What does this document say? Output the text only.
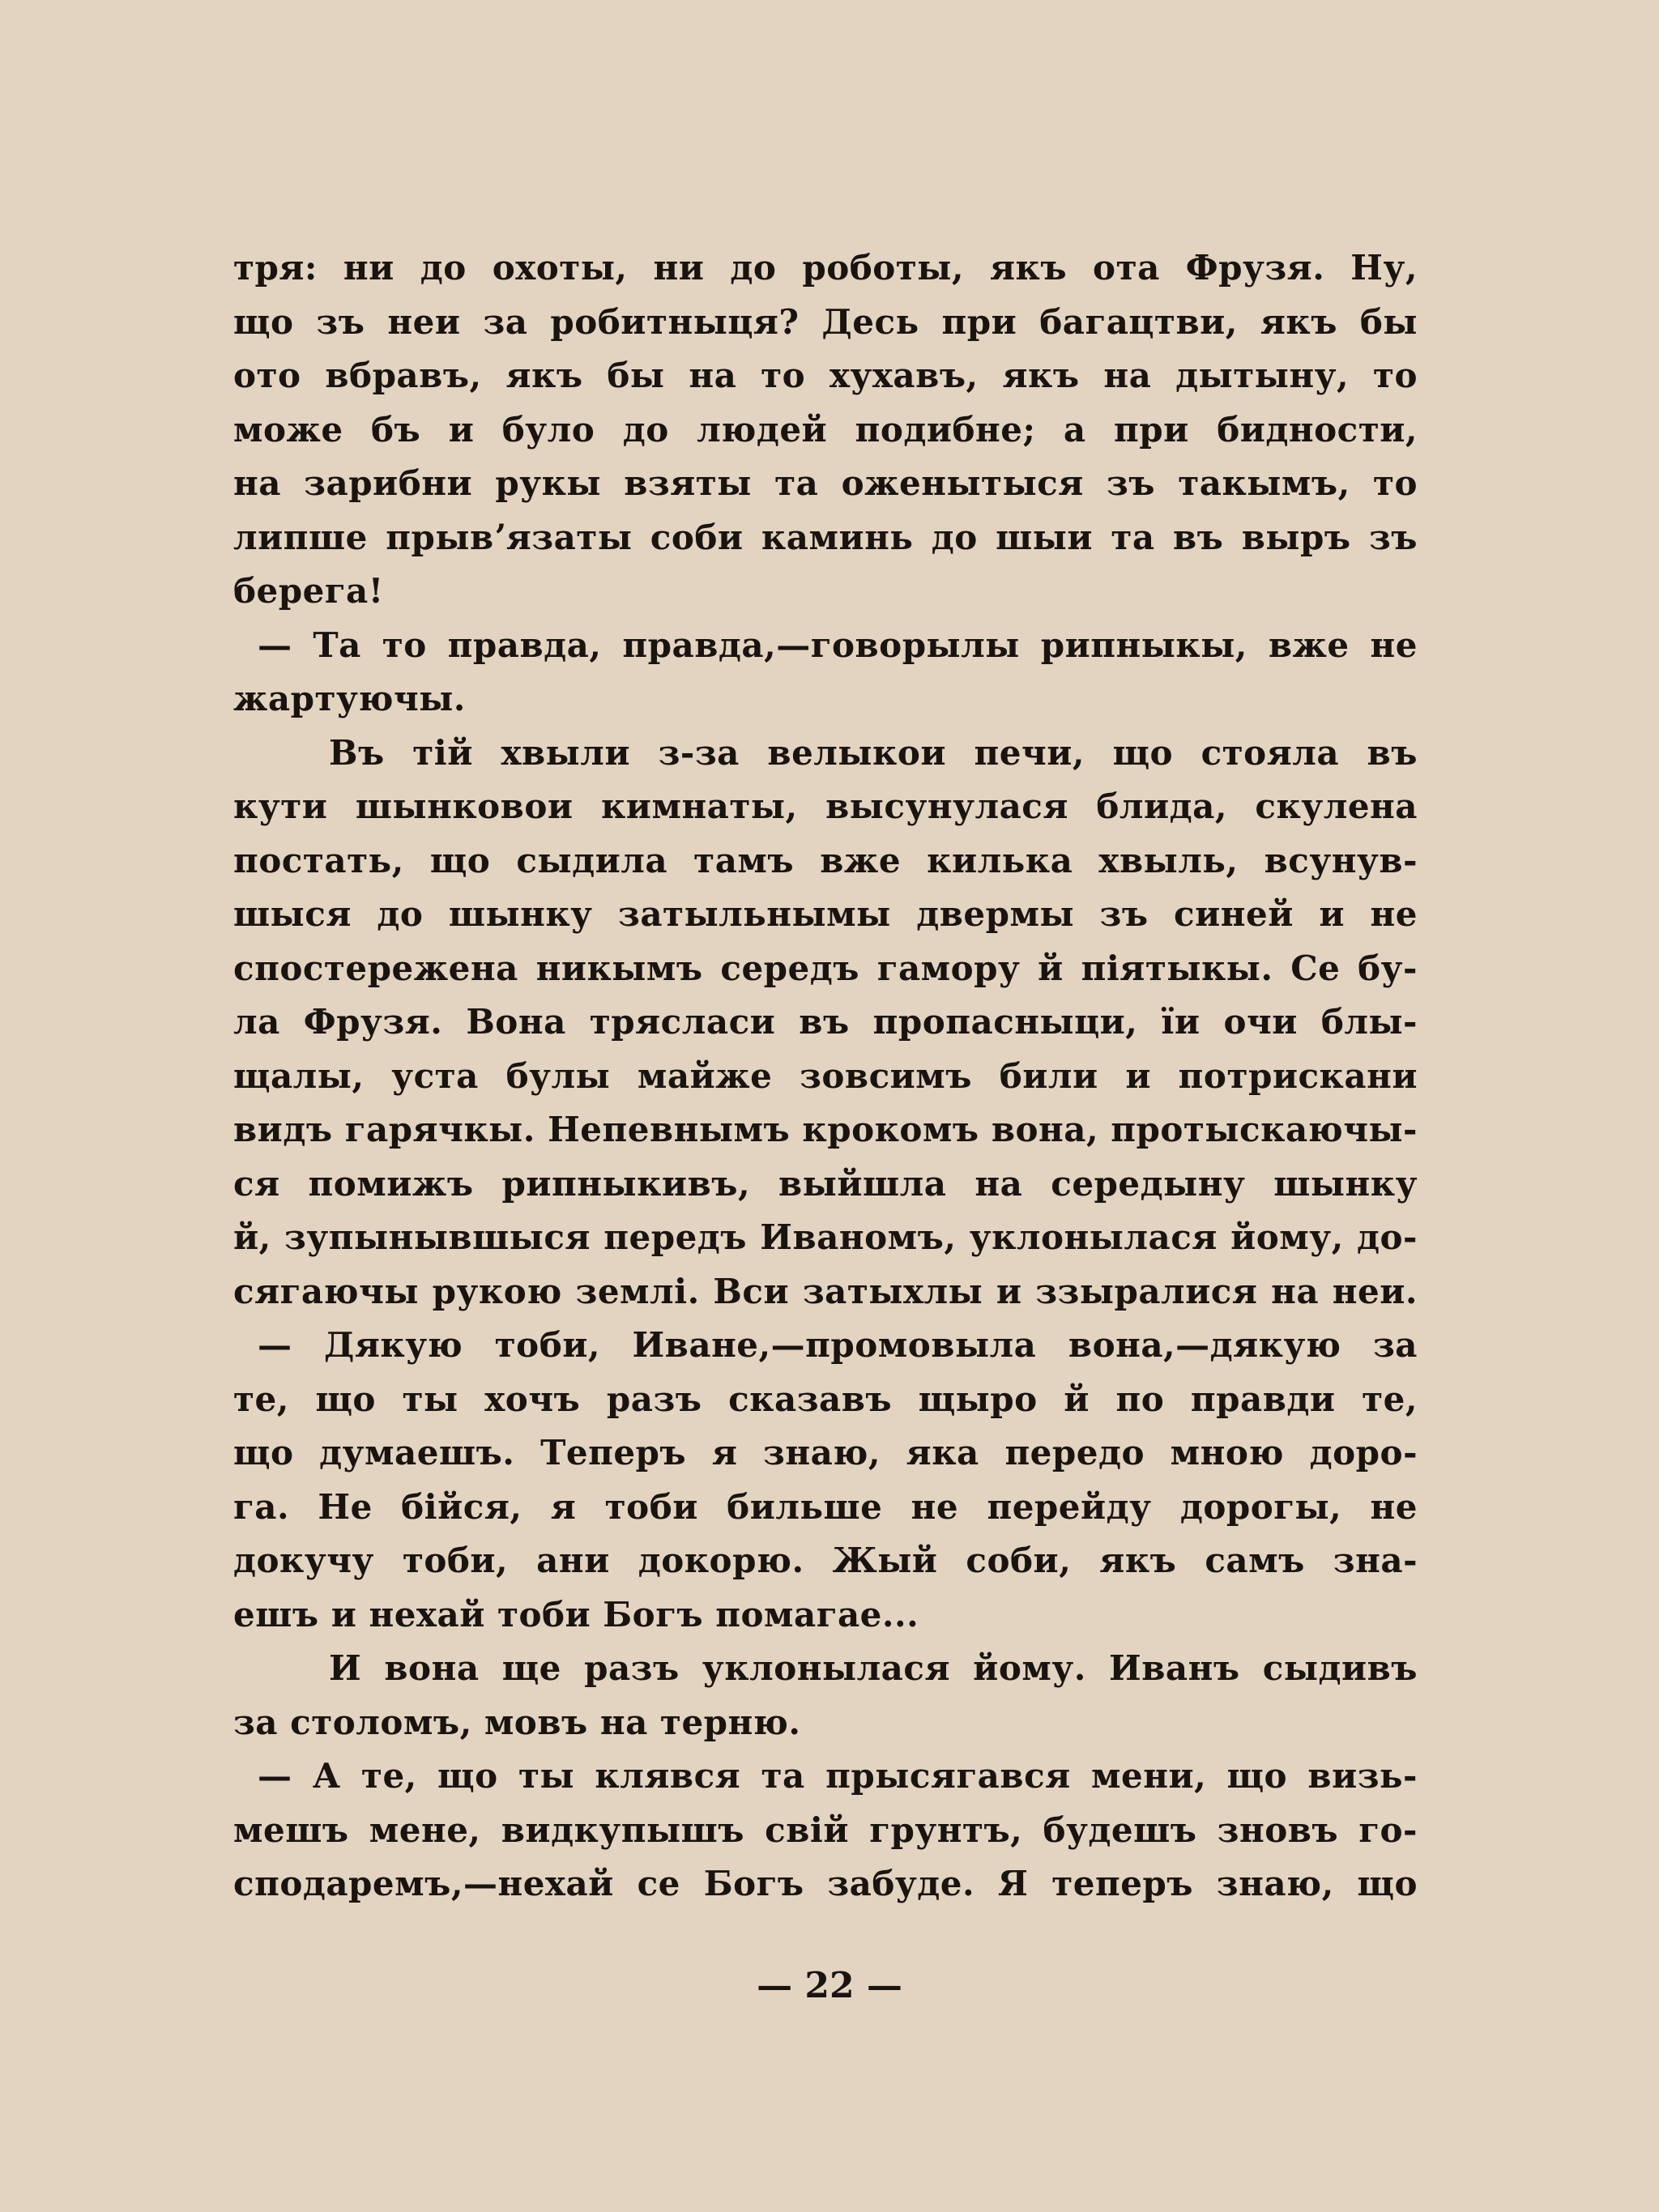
тря: ни до охоты, ни до роботы, якъ ота Фрузя. Ну,
що зъ неи за робитныця? Десь при багацтви, якъ бы
ото вбравъ, якъ бы на то хухавъ, якъ на дытыну, то
може бъ и було до людей подибне; а при бидности,
на зарибни рукы взяты та оженытыся зъ такымъ, то
липше прывʼязаты соби каминь до шыи та въ выръ зъ
берега!
— Та то правда, правда,—говорылы рипныкы, вже не
жартуючы.
Въ тій хвыли з-за велыкои печи, що стояла въ
кути шынковои кимнаты, высунулася блида, скулена
постать, що сыдила тамъ вже килька хвыль, всунув-
шыся до шынку затыльнымы двермы зъ синей и не
спостережена никымъ середъ гамору й пiятыкы. Се бу-
ла Фрузя. Вона трясласи въ пропасныци, ïи очи блы-
щалы, уста булы майже зовсимъ били и потрискани
видъ гарячкы. Непевнымъ крокомъ вона, протыскаючы-
ся помижъ рипныкивъ, выйшла на середыну шынку
й, зупынывшыся передъ Иваномъ, уклонылася йому, до-
сягаючы рукою землі. Вси затыхлы и ззыралися на неи.
— Дякую тоби, Иване,—промовыла вона,—дякую за
те, що ты хочъ разъ сказавъ щыро й по правди те,
що думаешъ. Теперъ я знаю, яка передо мною доро-
га. Не бійся, я тоби бильше не перейду дорогы, не
докучу тоби, ани докорю. Жый соби, якъ самъ зна-
ешъ и нехай тоби Богъ помагае...
И вона ще разъ уклонылася йому. Иванъ сыдивъ
за столомъ, мовъ на терню.
— А те, що ты клявся та прысягався мени, що визь-
мешъ мене, видкупышъ свій грунтъ, будешъ зновъ го-
сподаремъ,—нехай се Богъ забуде. Я теперъ знаю, що
— 22 —
